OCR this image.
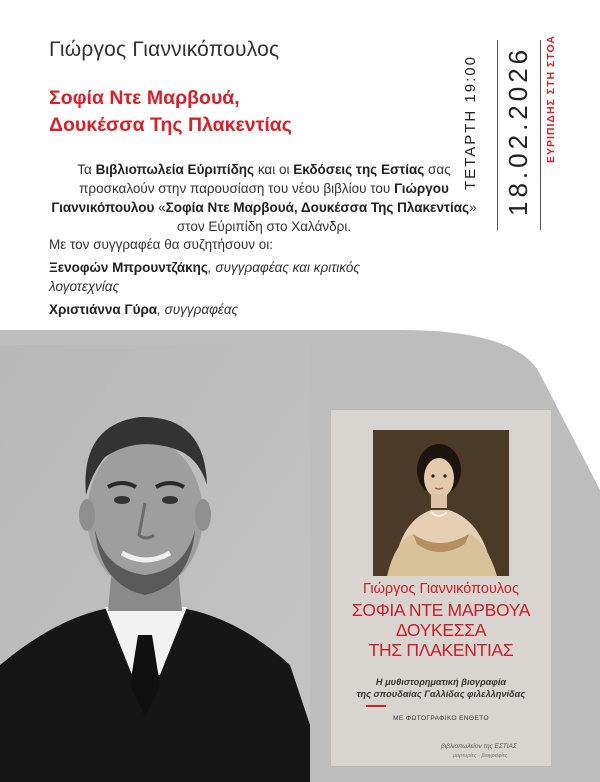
Γιώργος Γιαννικόπουλος
Σοφία Ντε Μαρβουά,
Δουκέσσα Της Πλακεντίας
Τα Βιβλιοπωλεία Εύριπίδης και οι Εκδόσεις της Εστίας σας προσκαλούν στην παρουσίαση του νέου βιβλίου του Γιώργου Γιαννικόπουλου «Σοφία Ντε Μαρβουά, Δουκέσσα Της Πλακεντίας» στον Εύριπίδη στο Χαλάνδρι.
Με τον συγγραφέα θα συζητήσουν οι:
Ξενοφών Μπρουντζάκης, συγγραφέας και κριτικός
λογοτεχνίας
Χριστιάννα Γύρα, συγγραφέας
ΤΕΤΑΡΤΗ 19:00 18.02.2026 ΕΥΡΙΠΙΔΗΣ ΣΤΗ ΣΤΟΑ
Γιώργος Γιαννικόπουλος
ΣΟΦΙΑ ΝΤΕ ΜΑΡΒΟΥΑ
ΔΟΥΚΕΣΣΑ
ΤΗΣ ΠΛΑΚΕΝΤΙΑΣ
Η μυθιστορηματική βιογραφία
της σπουδαίας Γαλλίδας φιλελληνίδας
ΜΕ ΦΩΤΟΓΡΑΦΙΚΟ ΕΝΘΕΤΟ
βιβλιοπωλείον της ΕΣΤΙΑΣ
μαρτυρίες · βιογραφίες
